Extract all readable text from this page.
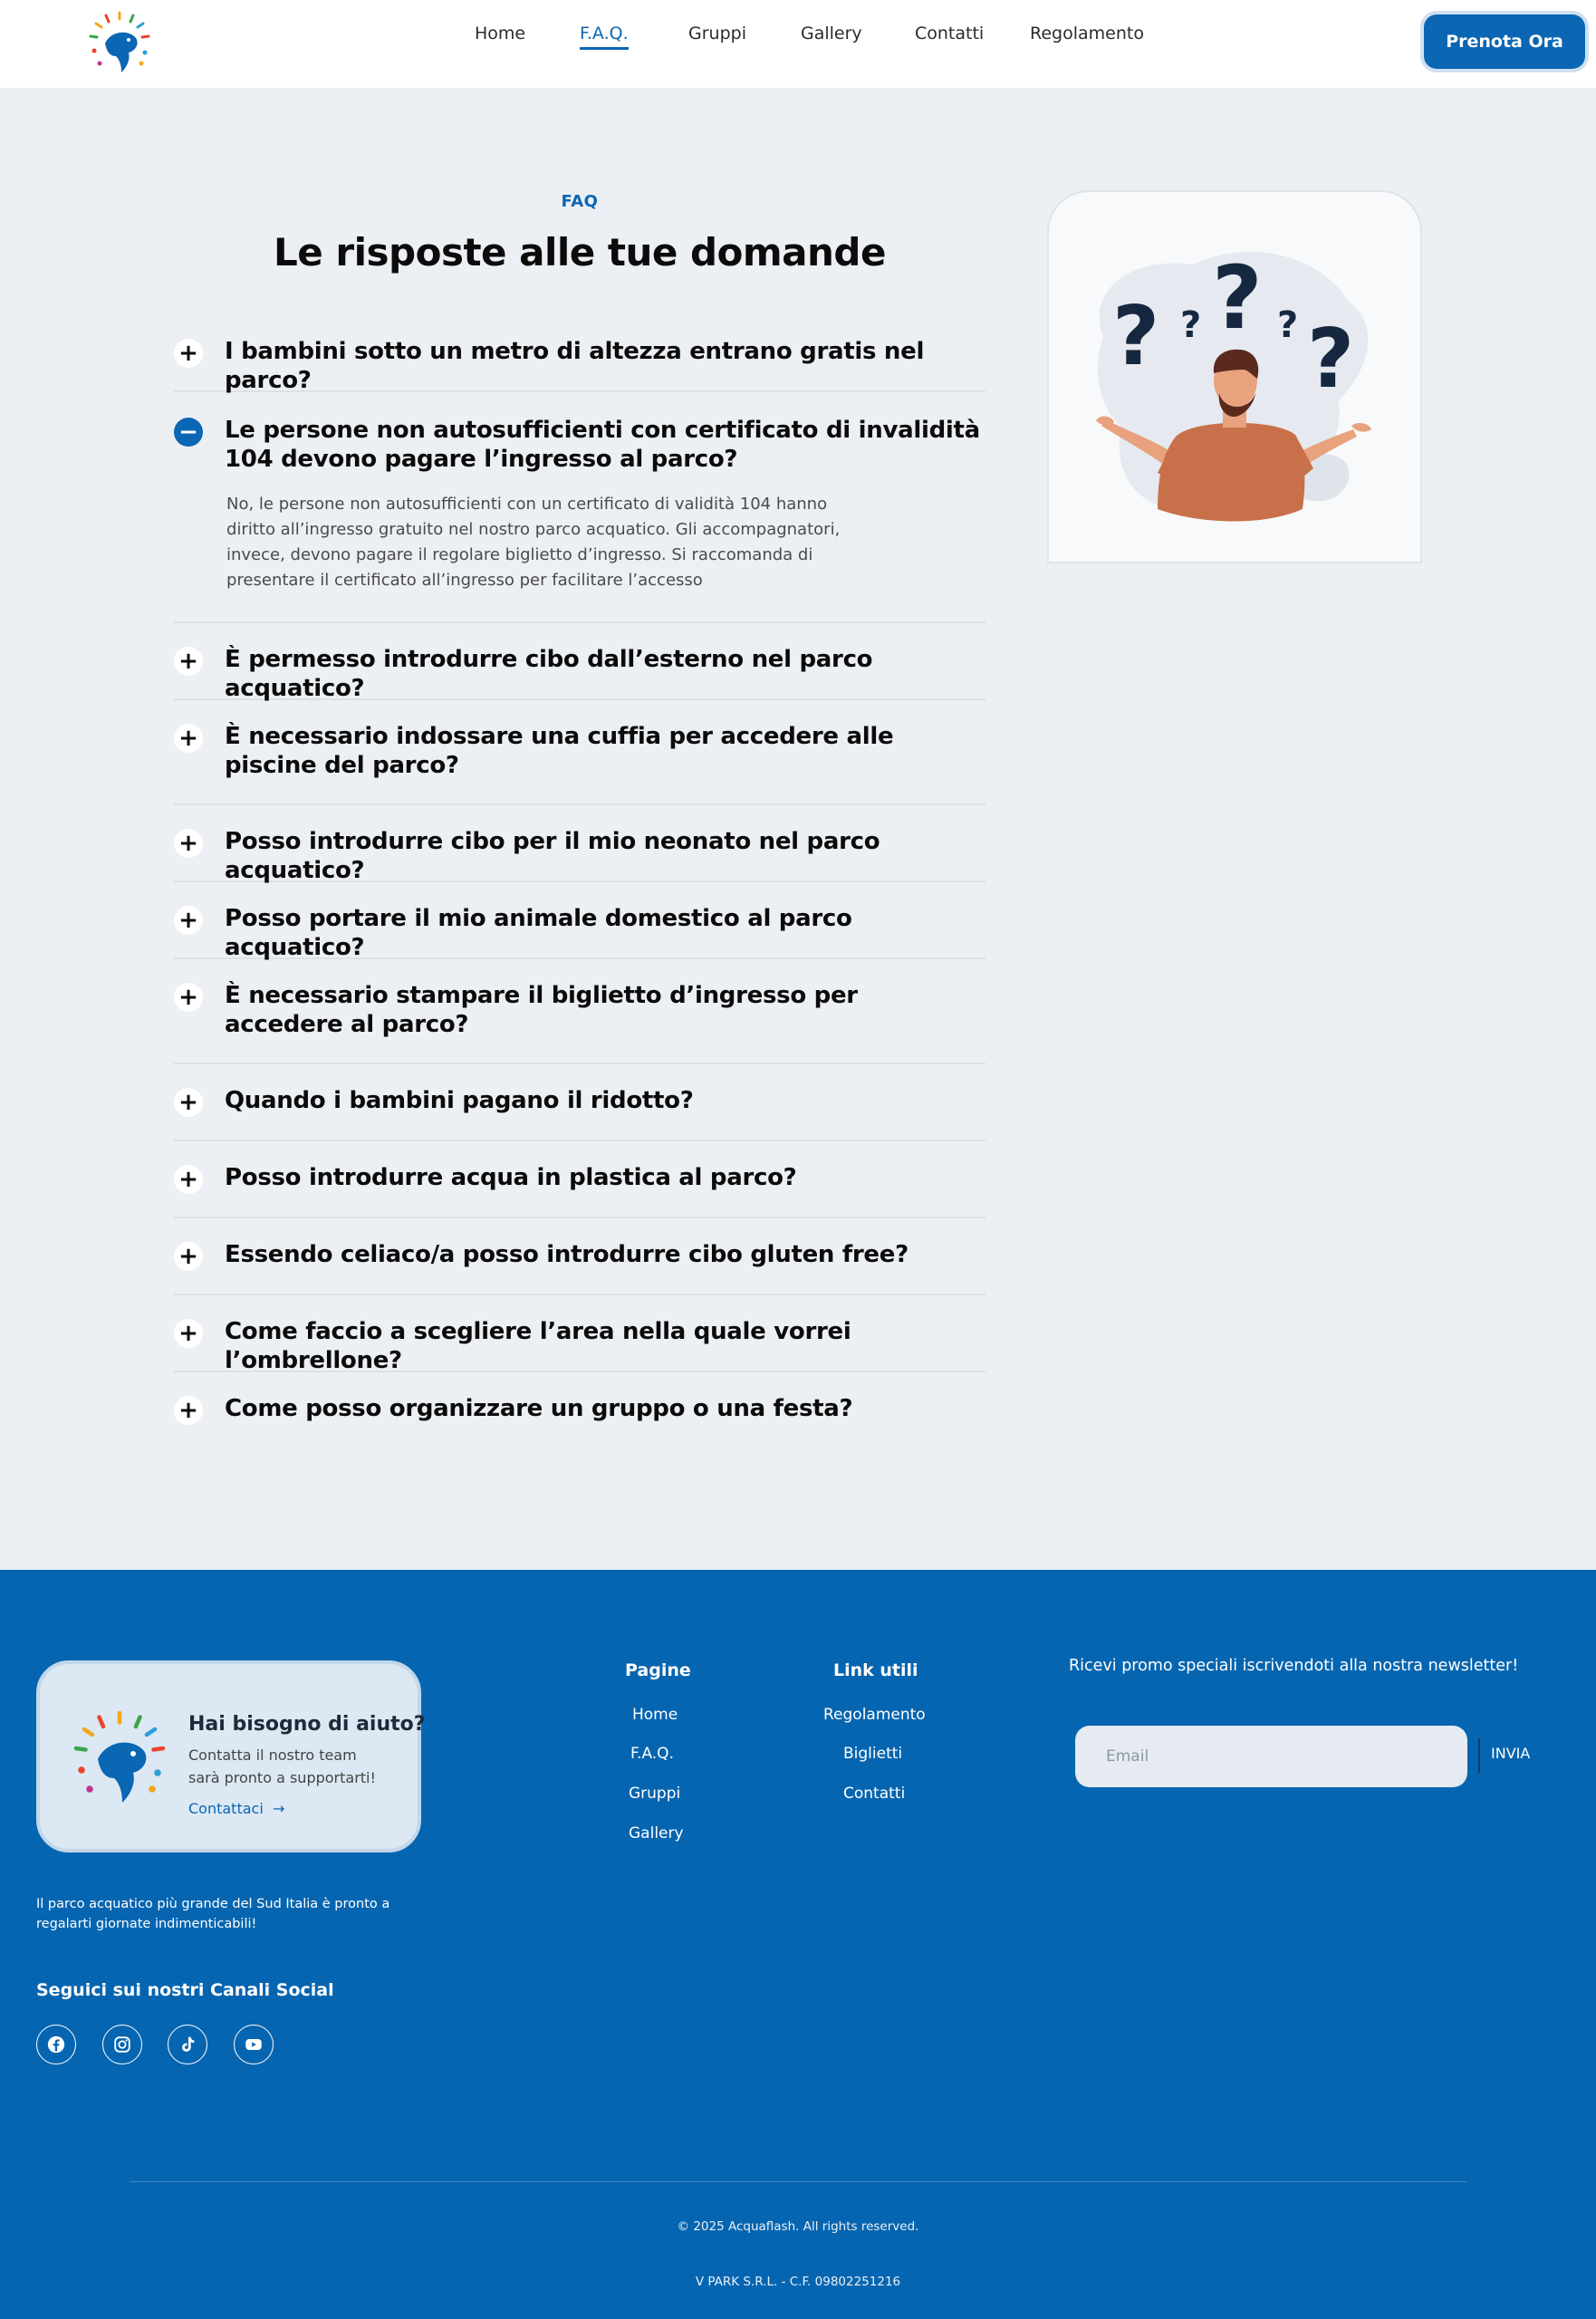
Home	F.A.Q.	Gruppi	Gallery	Contatti	Regolamento	Prenota Ora
FAQ
Le risposte alle tue domande
+	I bambini sotto un metro di altezza entrano gratis nel parco?
−	Le persone non autosufficienti con certificato di invalidità 104 devono pagare l’ingresso al parco?
No, le persone non autosufficienti con un certificato di validità 104 hanno diritto all’ingresso gratuito nel nostro parco acquatico. Gli accompagnatori, invece, devono pagare il regolare biglietto d’ingresso. Si raccomanda di presentare il certificato all’ingresso per facilitare l’accesso
+	È permesso introdurre cibo dall’esterno nel parco acquatico?
+	È necessario indossare una cuffia per accedere alle piscine del parco?
+	Posso introdurre cibo per il mio neonato nel parco acquatico?
+	Posso portare il mio animale domestico al parco acquatico?
+	È necessario stampare il biglietto d’ingresso per accedere al parco?
+	Quando i bambini pagano il ridotto?
+	Posso introdurre acqua in plastica al parco?
+	Essendo celiaco/a posso introdurre cibo gluten free?
+	Come faccio a scegliere l’area nella quale vorrei l’ombrellone?
+	Come posso organizzare un gruppo o una festa?
? ? ? ? ?
Hai bisogno di aiuto?
Contatta il nostro team sarà pronto a supportarti!
Contattaci  →
Il parco acquatico più grande del Sud Italia è pronto a regalarti giornate indimenticabili!
Seguici sui nostri Canali Social
Pagine
Home
F.A.Q.
Gruppi
Gallery
Link utili
Regolamento
Biglietti
Contatti
Ricevi promo speciali iscrivendoti alla nostra newsletter!
Email
INVIA
© 2025 Acquaflash. All rights reserved.
V PARK S.R.L. - C.F. 09802251216
